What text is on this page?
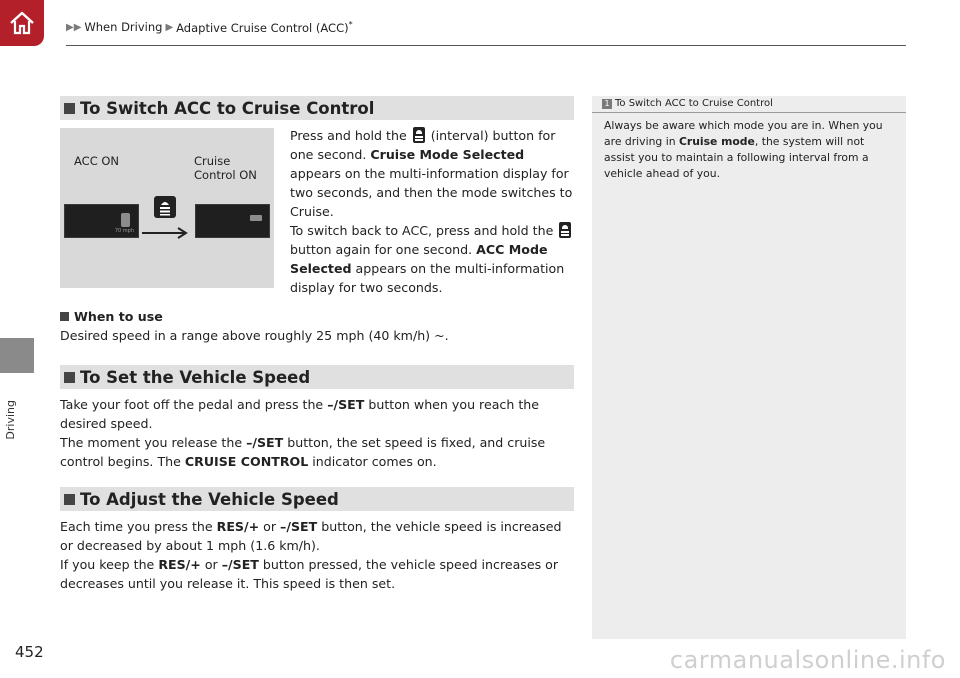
▶▶ When Driving ▶ Adaptive Cruise Control (ACC)*
Driving
452
To Switch ACC to Cruise Control
ACC ON	Cruise
Control ON
70 mph

Press and hold the  (interval) button for one second. Cruise Mode Selected appears on the multi-information display for two seconds, and then the mode switches to Cruise.

To switch back to ACC, press and hold the  button again for one second. ACC Mode Selected appears on the multi-information display for two seconds.

When to use
Desired speed in a range above roughly 25 mph (40 km/h) ~.
To Set the Vehicle Speed

Take your foot off the pedal and press the –/SET button when you reach the desired speed.

The moment you release the –/SET button, the set speed is fixed, and cruise control begins. The CRUISE CONTROL indicator comes on.

To Adjust the Vehicle Speed

Each time you press the RES/+ or –/SET button, the vehicle speed is increased or decreased by about 1 mph (1.6 km/h).

If you keep the RES/+ or –/SET button pressed, the vehicle speed increases or decreases until you release it. This speed is then set.

1 To Switch ACC to Cruise Control
Always be aware which mode you are in. When you are driving in Cruise mode, the system will not assist you to maintain a following interval from a vehicle ahead of you.
carmanualsonline.info
